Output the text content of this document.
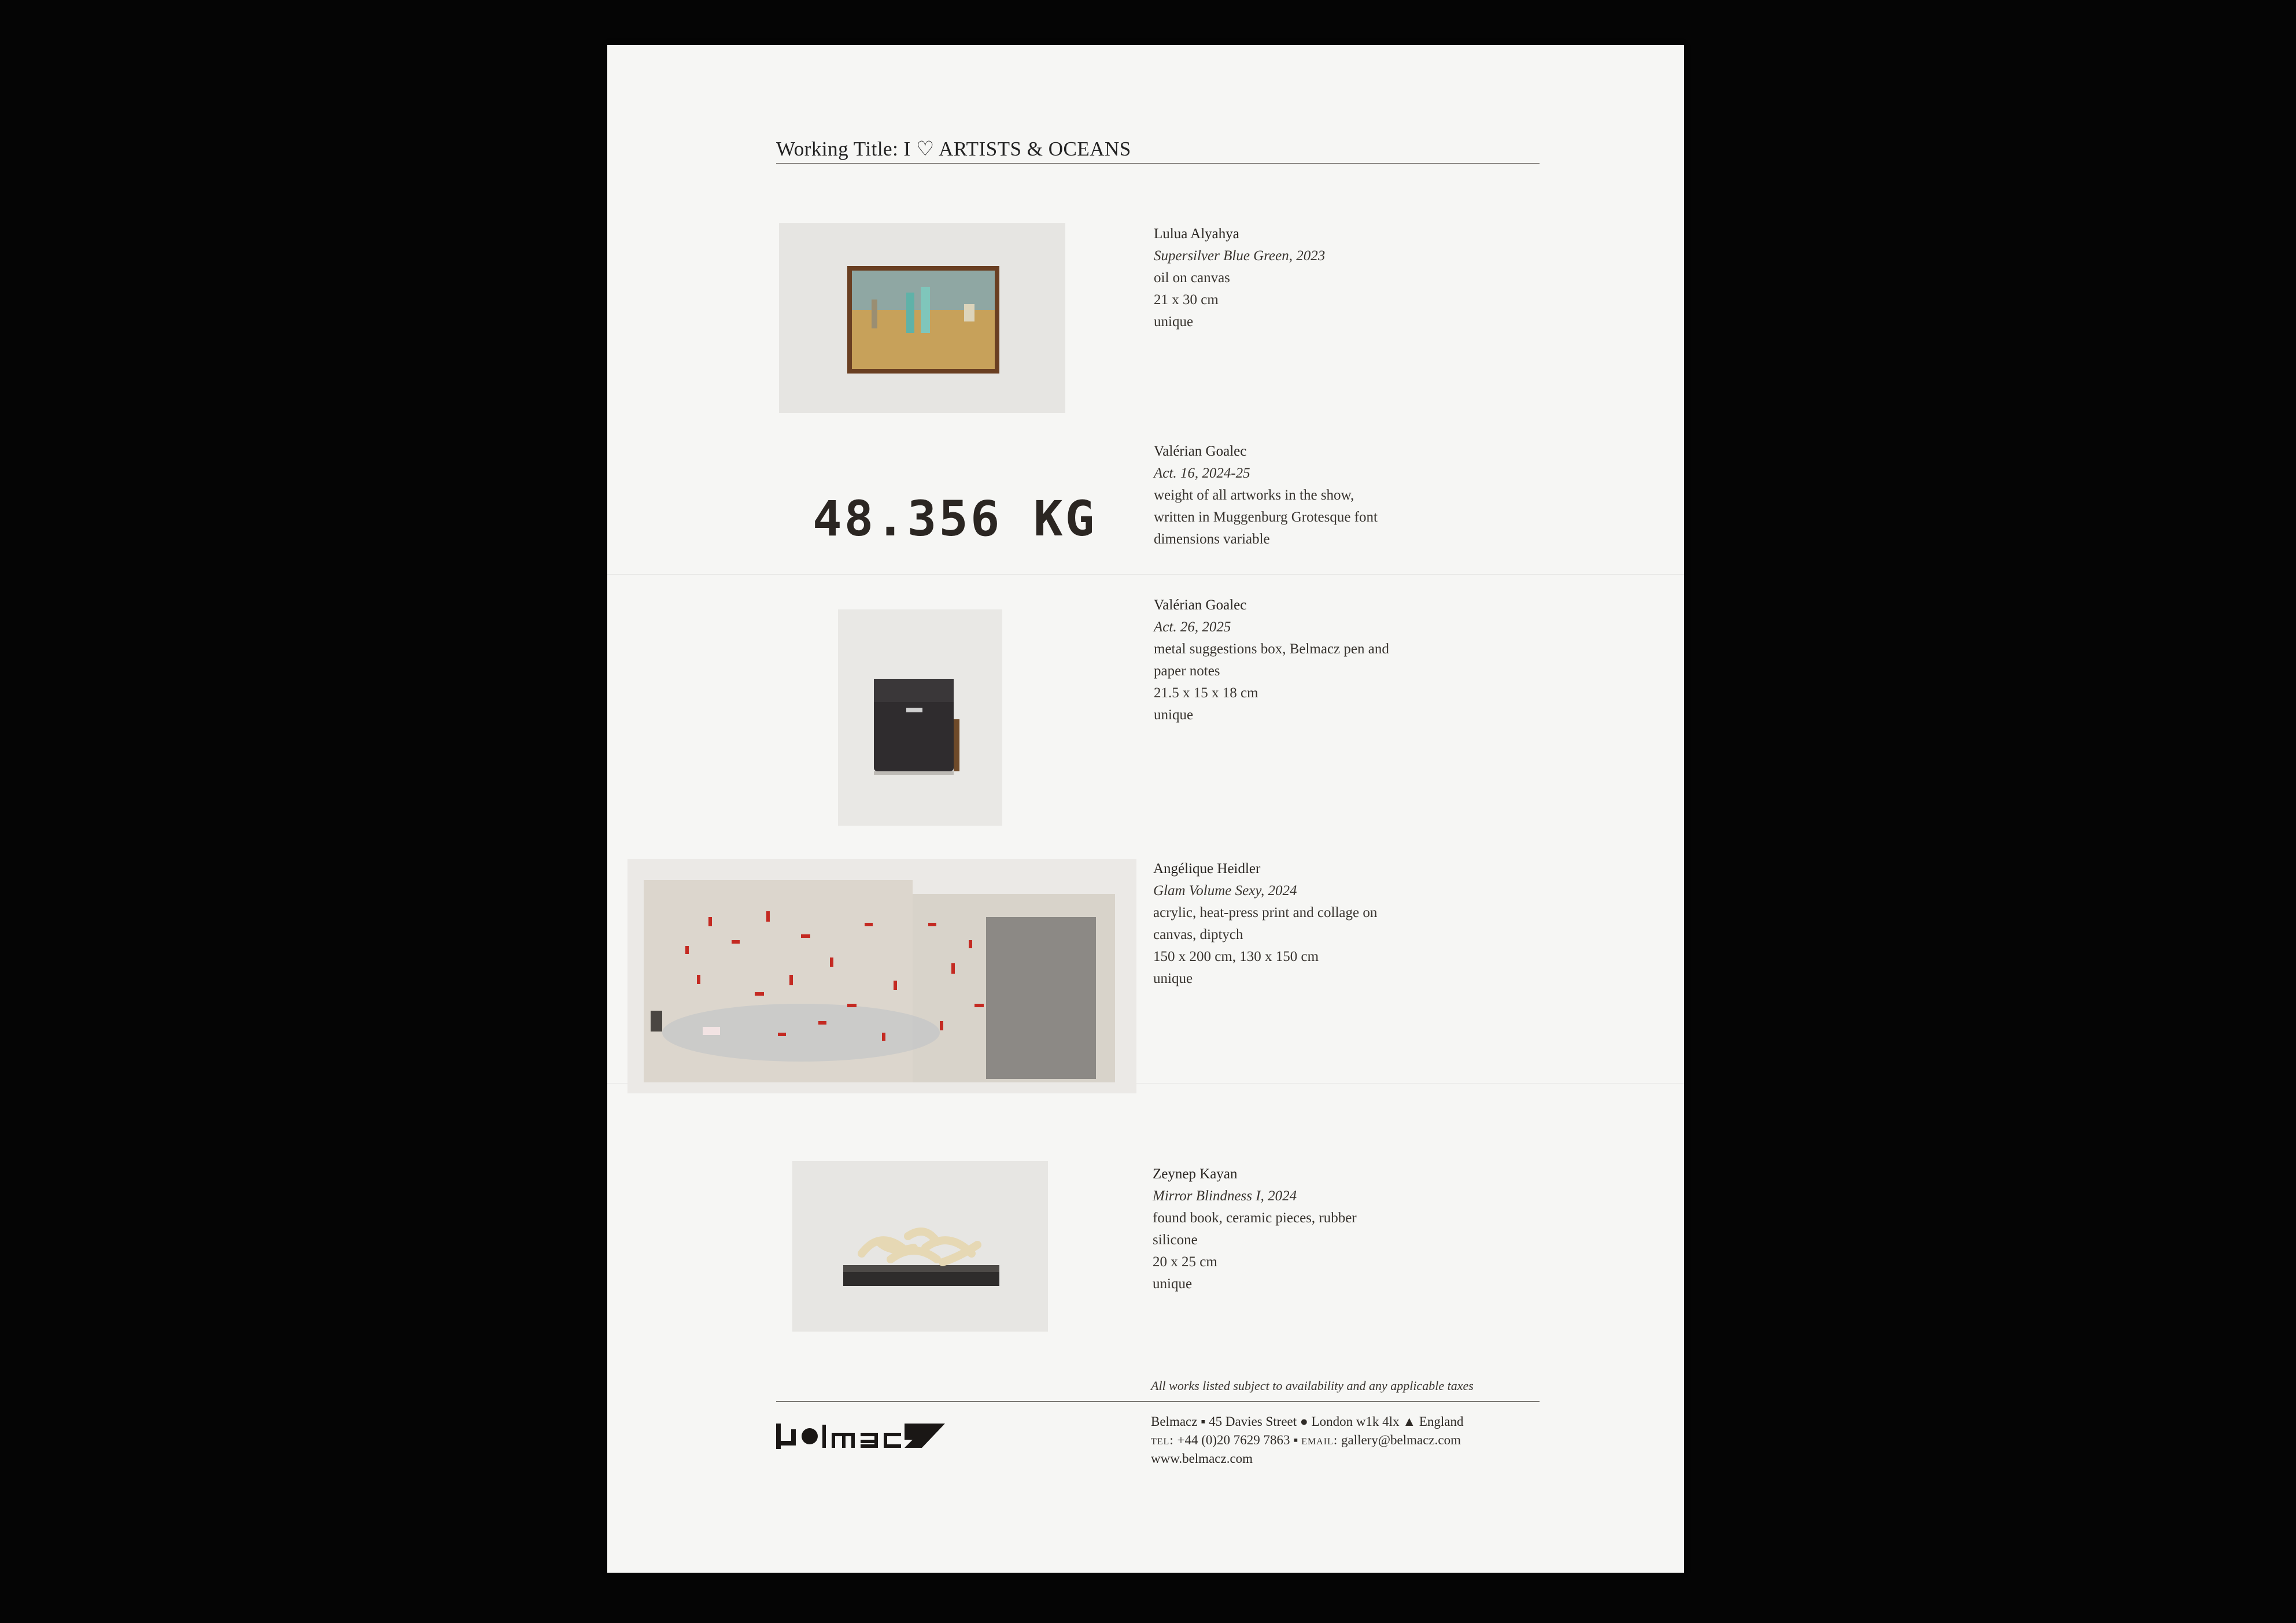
Working Title: I ♡ ARTISTS & OCEANS
Lulua Alyahya
Supersilver Blue Green, 2023
oil on canvas
21 x 30 cm
unique
48.356 KG
Valérian Goalec
Act. 16, 2024-25
weight of all artworks in the show,
written in Muggenburg Grotesque font
dimensions variable
Valérian Goalec
Act. 26, 2025
metal suggestions box, Belmacz pen and
paper notes
21.5 x 15 x 18 cm
unique
Angélique Heidler
Glam Volume Sexy, 2024
acrylic, heat-press print and collage on
canvas, diptych
150 x 200 cm, 130 x 150 cm
unique
Zeynep Kayan
Mirror Blindness I, 2024
found book, ceramic pieces, rubber
silicone
20 x 25 cm
unique
All works listed subject to availability and any applicable taxes
Belmacz ▪ 45 Davies Street ● London w1k 4lx ▲ England
tel: +44 (0)20 7629 7863 ▪ email: gallery@belmacz.com
www.belmacz.com
